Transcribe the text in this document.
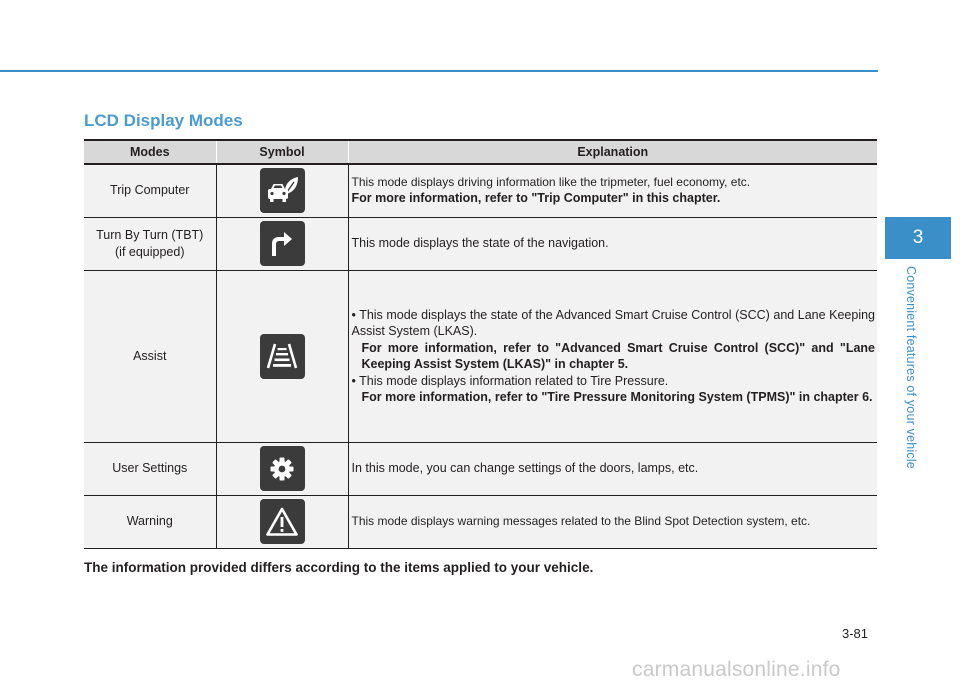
LCD Display Modes
Modes	Symbol	Explanation
Trip Computer		This mode displays driving information like the tripmeter, fuel economy, etc.
For more information, refer to "Trip Computer" in this chapter.

Turn By Turn (TBT)
(if equipped)		This mode displays the state of the navigation.

Assist		• This mode displays the state of the Advanced Smart Cruise Control (SCC) and Lane Keeping Assist System (LKAS).
For more information, refer to "Advanced Smart Cruise Control (SCC)" and "Lane Keeping Assist System (LKAS)" in chapter 5.
• This mode displays information related to Tire Pressure.
For more information, refer to "Tire Pressure Monitoring System (TPMS)" in chapter 6.

User Settings		In this mode, you can change settings of the doors, lamps, etc.

Warning		This mode displays warning messages related to the Blind Spot Detection system, etc.

The information provided differs according to the items applied to your vehicle.

3
Convenient features of your vehicle
3-81
carmanualsonline.info
